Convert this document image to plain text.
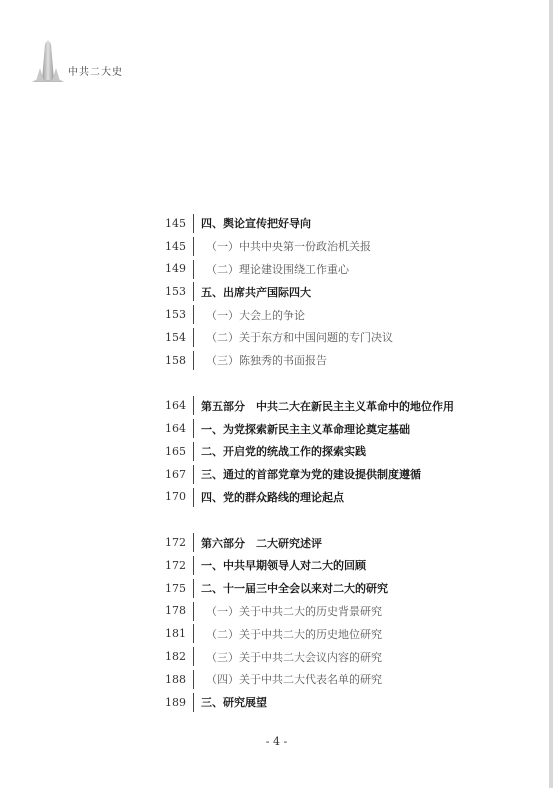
中共二大史
145 四、舆论宣传把好导向
145 （一）中共中央第一份政治机关报
149 （二）理论建设围绕工作重心
153 五、出席共产国际四大
153 （一）大会上的争论
154 （二）关于东方和中国问题的专门决议
158 （三）陈独秀的书面报告
164 第五部分　中共二大在新民主主义革命中的地位作用
164 一、为党探索新民主主义革命理论奠定基础
165 二、开启党的统战工作的探索实践
167 三、通过的首部党章为党的建设提供制度遵循
170 四、党的群众路线的理论起点
172 第六部分　二大研究述评
172 一、中共早期领导人对二大的回顾
175 二、十一届三中全会以来对二大的研究
178 （一）关于中共二大的历史背景研究
181 （二）关于中共二大的历史地位研究
182 （三）关于中共二大会议内容的研究
188 （四）关于中共二大代表名单的研究
189 三、研究展望
- 4 -
